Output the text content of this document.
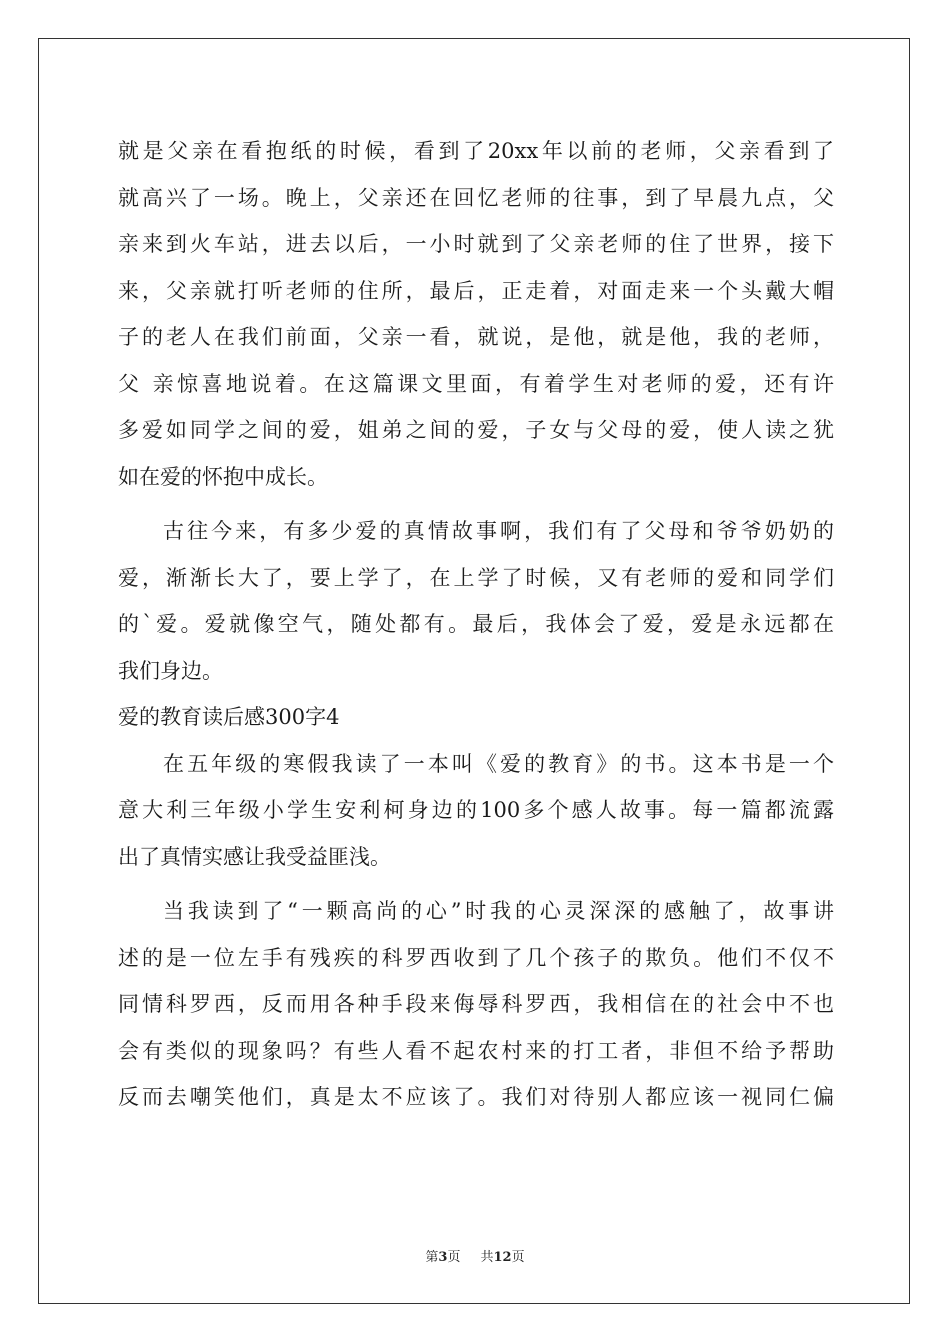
就是父亲在看抱纸的时候，看到了20xx年以前的老师，父亲看到了
就高兴了一场。晚上，父亲还在回忆老师的往事，到了早晨九点，父
亲来到火车站，进去以后，一小时就到了父亲老师的住了世界，接下
来，父亲就打听老师的住所，最后，正走着，对面走来一个头戴大帽
子的老人在我们前面，父亲一看，就说，是他，就是他，我的老师，
父 亲惊喜地说着。在这篇课文里面，有着学生对老师的爱，还有许
多爱如同学之间的爱，姐弟之间的爱，子女与父母的爱，使人读之犹
如在爱的怀抱中成长。
古往今来，有多少爱的真情故事啊，我们有了父母和爷爷奶奶的
爱，渐渐长大了，要上学了，在上学了时候，又有老师的爱和同学们
的`爱。爱就像空气，随处都有。最后，我体会了爱，爱是永远都在
我们身边。
爱的教育读后感300字4
在五年级的寒假我读了一本叫《爱的教育》的书。这本书是一个
意大利三年级小学生安利柯身边的100多个感人故事。每一篇都流露
出了真情实感让我受益匪浅。
当我读到了“一颗高尚的心”时我的心灵深深的感触了，故事讲
述的是一位左手有残疾的科罗西收到了几个孩子的欺负。他们不仅不
同情科罗西，反而用各种手段来侮辱科罗西，我相信在的社会中不也
会有类似的现象吗？有些人看不起农村来的打工者，非但不给予帮助
反而去嘲笑他们，真是太不应该了。我们对待别人都应该一视同仁偏
第3页 共12页
